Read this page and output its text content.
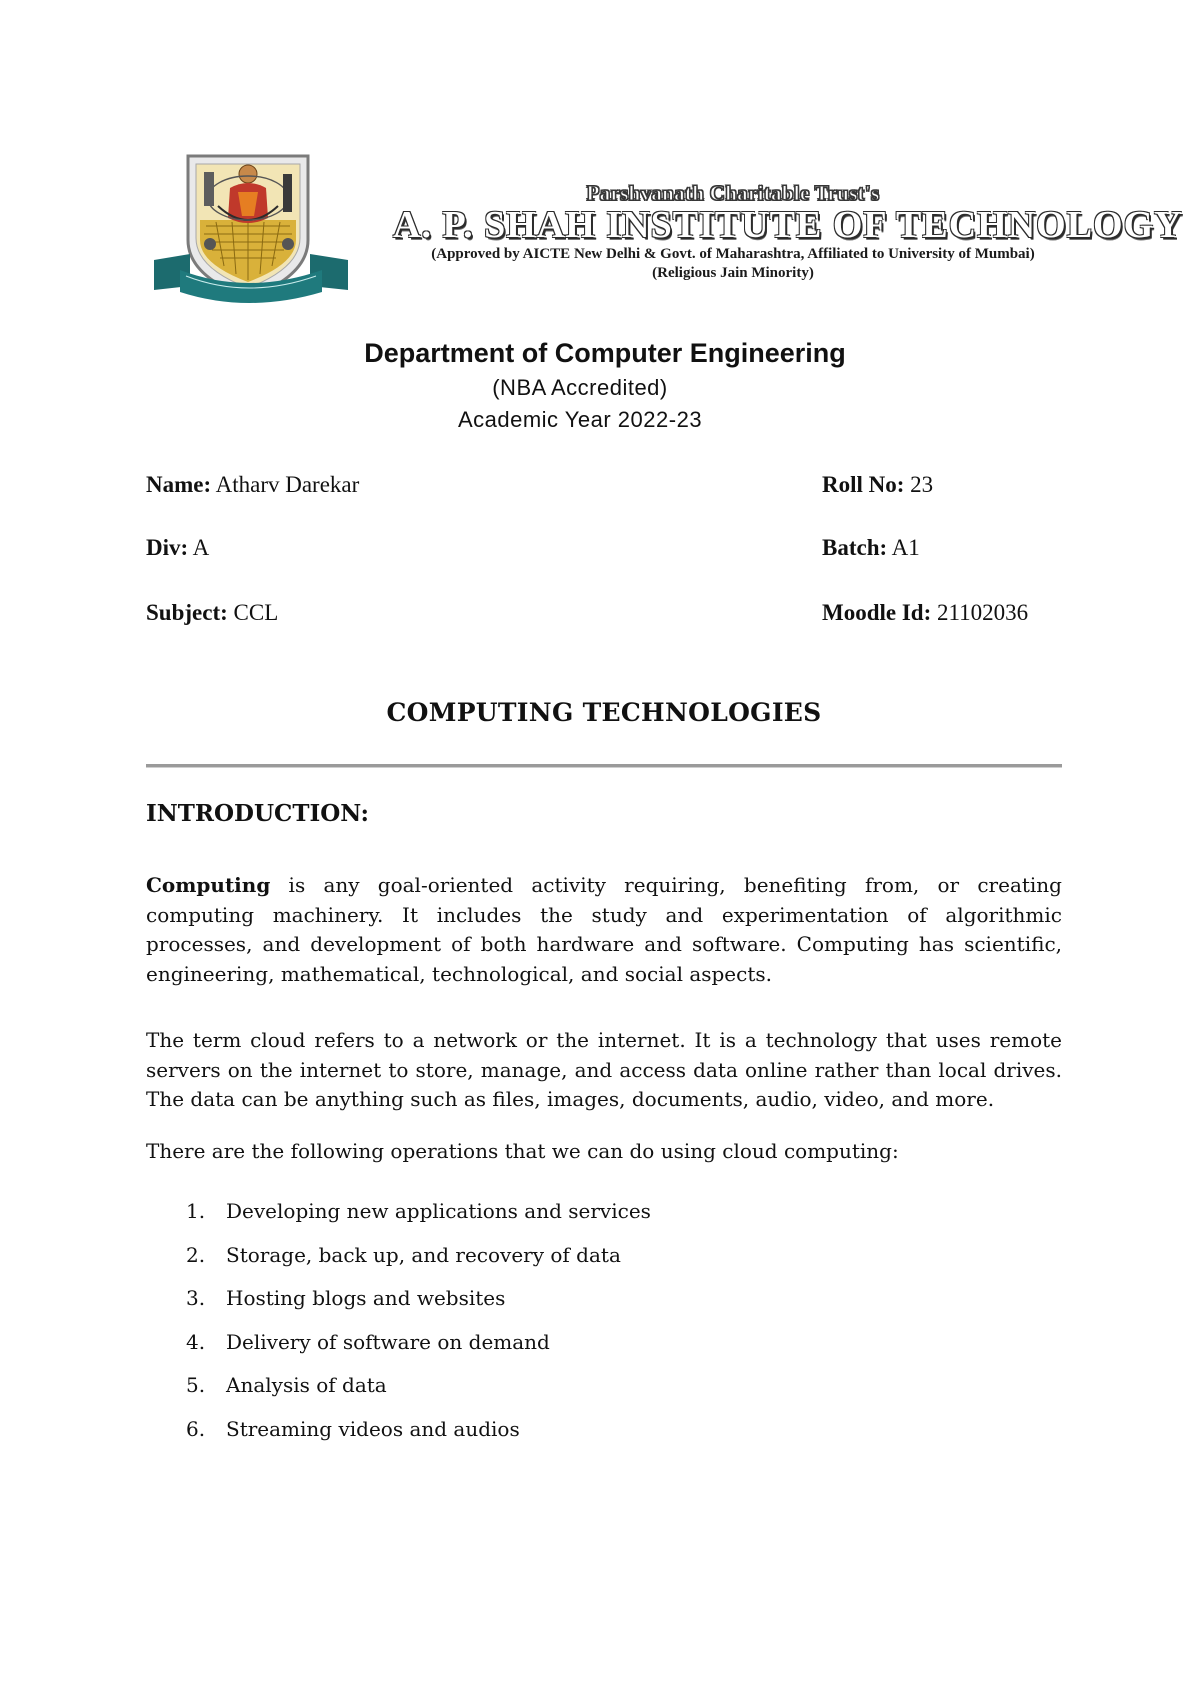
Parshvanath Charitable Trust's
A. P. SHAH INSTITUTE OF TECHNOLOGY
(Approved by AICTE New Delhi & Govt. of Maharashtra, Affiliated to University of Mumbai)
(Religious Jain Minority)
Department of Computer Engineering
(NBA Accredited)
Academic Year 2022-23
Name: Atharv Darekar	Roll No: 23
Div: A	Batch: A1
Subject: CCL	Moodle Id: 21102036
COMPUTING TECHNOLOGIES
INTRODUCTION:
Computing is any goal-oriented activity requiring, benefiting from, or creating computing machinery. It includes the study and experimentation of algorithmic processes, and development of both hardware and software. Computing has scientific, engineering, mathematical, technological, and social aspects.
The term cloud refers to a network or the internet. It is a technology that uses remote servers on the internet to store, manage, and access data online rather than local drives. The data can be anything such as files, images, documents, audio, video, and more.
There are the following operations that we can do using cloud computing:
1.	Developing new applications and services
2.	Storage, back up, and recovery of data
3.	Hosting blogs and websites
4.	Delivery of software on demand
5.	Analysis of data
6.	Streaming videos and audios
